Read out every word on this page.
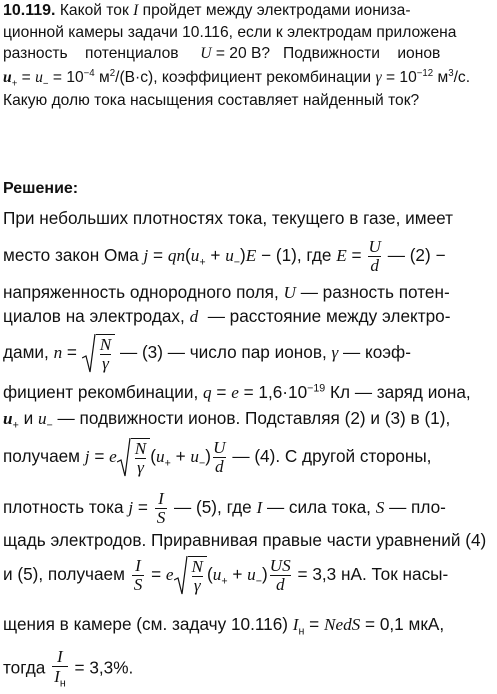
10.119. Какой ток I пройдет между электродами иониза-
ционной камеры задачи 10.116, если к электродам приложена
разность    потенциалов     U = 20 В?   Подвижности    ионов
$u_+ = u_- = 10^{-4}$ $м^2/(В\cdot с)$, коэффициент рекомбинации $\gamma = 10^{-12}$ $м^3/с$.
Какую долю тока насыщения составляет найденный ток?
Решение:
При небольших плотностях тока, текущего в газе, имеет
место закон Ома $j = qn(u_+ + u_-)E - (1)$, где $E = \frac{U}{d}$ — (2) −
напряженность однородного поля, U — разность потен-
циалов на электродах, d  — расстояние между электро-
дами, $n = \frac{N}{\gamma}$ — (3) — число пар ионов, γ — коэф-
фициент рекомбинации, $q = e = 1,6\cdot 10^{-19}$ Кл — заряд иона,
$u_+$ и $u_-$ — подвижности ионов. Подставляя (2) и (3) в (1),
получаем j = e $\frac{N}{\gamma} (u_+ + u_-) \frac{U}{d}$ — (4). С другой стороны,
плотность тока $j = \frac{I}{S}$ — (5), где I — сила тока, S — пло-
щадь электродов. Приравнивая правые части уравнений (4)
и (5), получаем $\frac{I}{S} = e \frac{N}{\gamma} (u_+ + u_-) \frac{US}{d} = 3,3$ нА. Ток насы-
щения в камере (см. задачу 10.116) $I_н$ = NedS = 0,1 мкА,
тогда $\frac{I}{I_н} = 3,3\%$.
